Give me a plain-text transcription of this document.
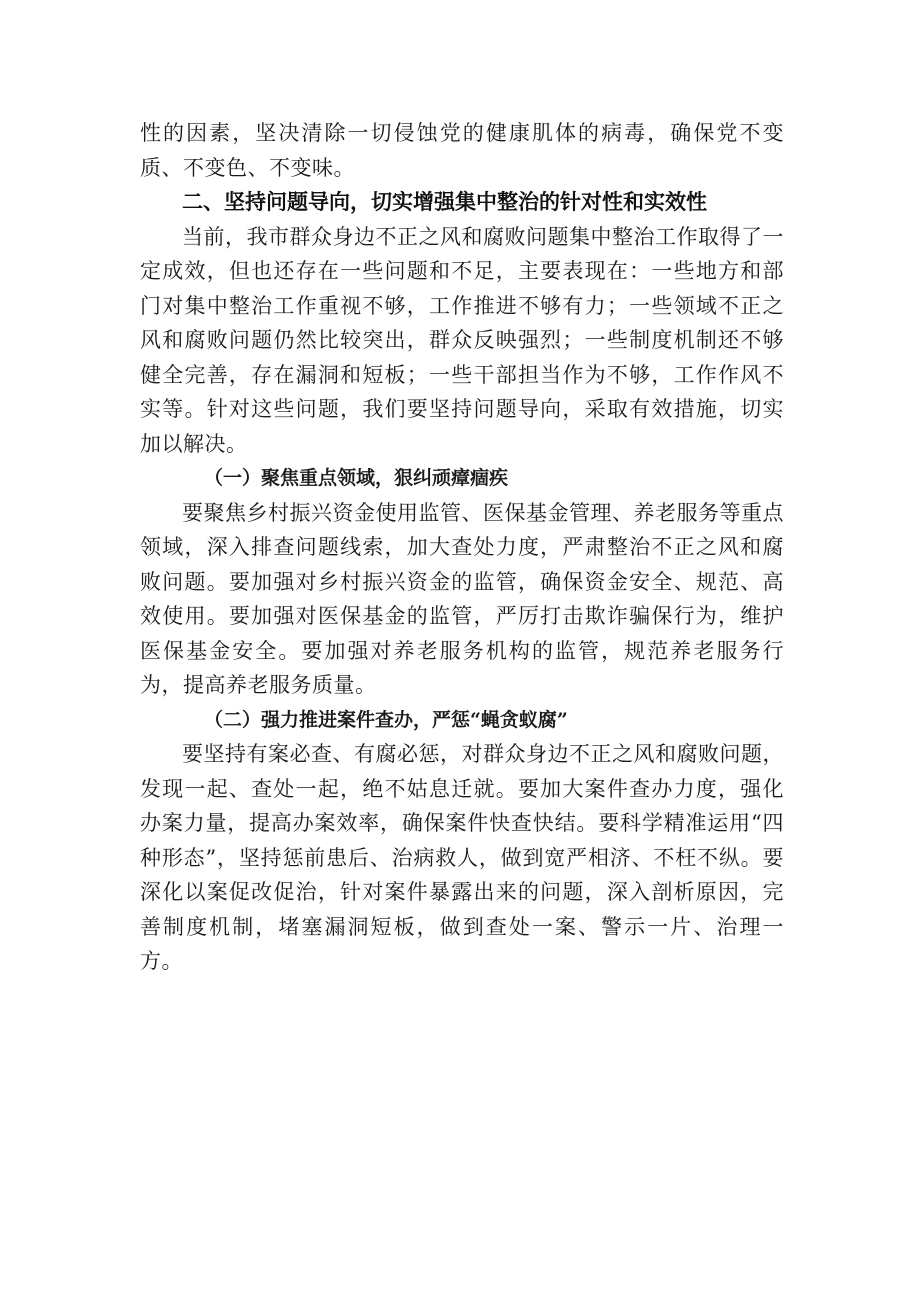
性的因素，坚决清除一切侵蚀党的健康肌体的病毒，确保党不变质、不变色、不变味。

二、坚持问题导向，切实增强集中整治的针对性和实效性

当前，我市群众身边不正之风和腐败问题集中整治工作取得了一定成效，但也还存在一些问题和不足，主要表现在：一些地方和部门对集中整治工作重视不够，工作推进不够有力；一些领域不正之风和腐败问题仍然比较突出，群众反映强烈；一些制度机制还不够健全完善，存在漏洞和短板；一些干部担当作为不够，工作作风不实等。针对这些问题，我们要坚持问题导向，采取有效措施，切实加以解决。

（一）聚焦重点领域，狠纠顽瘴痼疾

要聚焦乡村振兴资金使用监管、医保基金管理、养老服务等重点领域，深入排查问题线索，加大查处力度，严肃整治不正之风和腐败问题。要加强对乡村振兴资金的监管，确保资金安全、规范、高效使用。要加强对医保基金的监管，严厉打击欺诈骗保行为，维护医保基金安全。要加强对养老服务机构的监管，规范养老服务行为，提高养老服务质量。

（二）强力推进案件查办，严惩“蝇贪蚁腐”

要坚持有案必查、有腐必惩，对群众身边不正之风和腐败问题，发现一起、查处一起，绝不姑息迁就。要加大案件查办力度，强化办案力量，提高办案效率，确保案件快查快结。要科学精准运用“四种形态”，坚持惩前患后、治病救人，做到宽严相济、不枉不纵。要深化以案促改促治，针对案件暴露出来的问题，深入剖析原因，完善制度机制，堵塞漏洞短板，做到查处一案、警示一片、治理一方。
